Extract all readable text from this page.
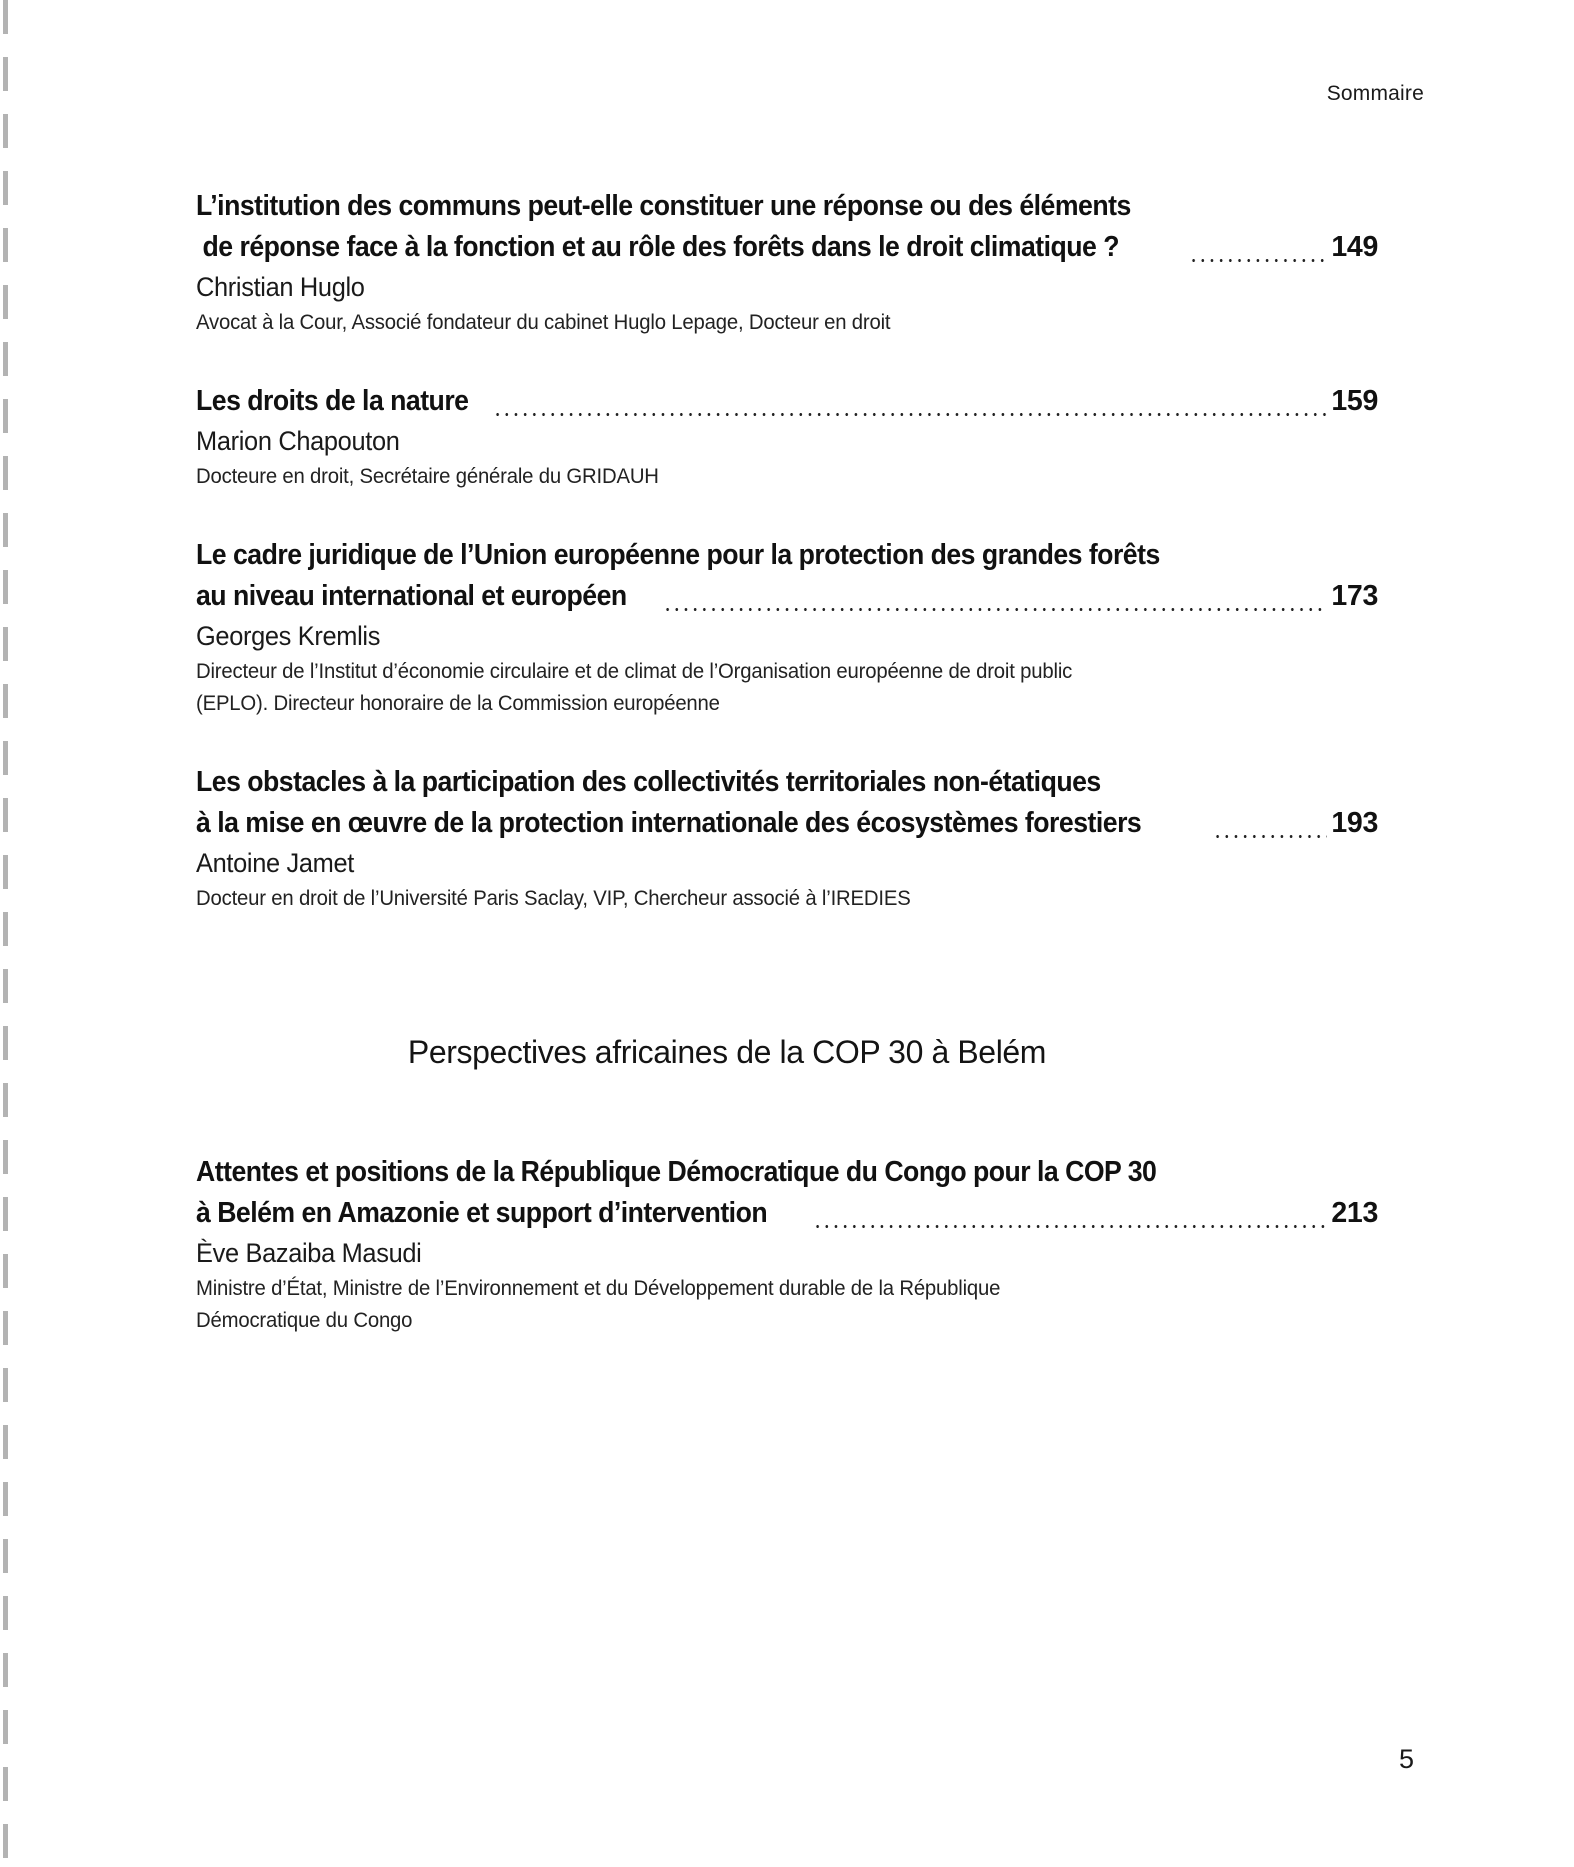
Sommaire
L’institution des communs peut-elle constituer une réponse ou des éléments
de réponse face à la fonction et au rôle des forêts dans le droit climatique ?	149
Christian Huglo
Avocat à la Cour, Associé fondateur du cabinet Huglo Lepage, Docteur en droit
Les droits de la nature	159
Marion Chapouton
Docteure en droit, Secrétaire générale du GRIDAUH
Le cadre juridique de l’Union européenne pour la protection des grandes forêts
au niveau international et européen	173
Georges Kremlis
Directeur de l’Institut d’économie circulaire et de climat de l’Organisation européenne de droit public
(EPLO). Directeur honoraire de la Commission européenne
Les obstacles à la participation des collectivités territoriales non-étatiques
à la mise en œuvre de la protection internationale des écosystèmes forestiers	193
Antoine Jamet
Docteur en droit de l’Université Paris Saclay, VIP, Chercheur associé à l’IREDIES
Perspectives africaines de la COP 30 à Belém
Attentes et positions de la République Démocratique du Congo pour la COP 30
à Belém en Amazonie et support d’intervention	213
Ève Bazaiba Masudi
Ministre d’État, Ministre de l’Environnement et du Développement durable de la République
Démocratique du Congo
5
